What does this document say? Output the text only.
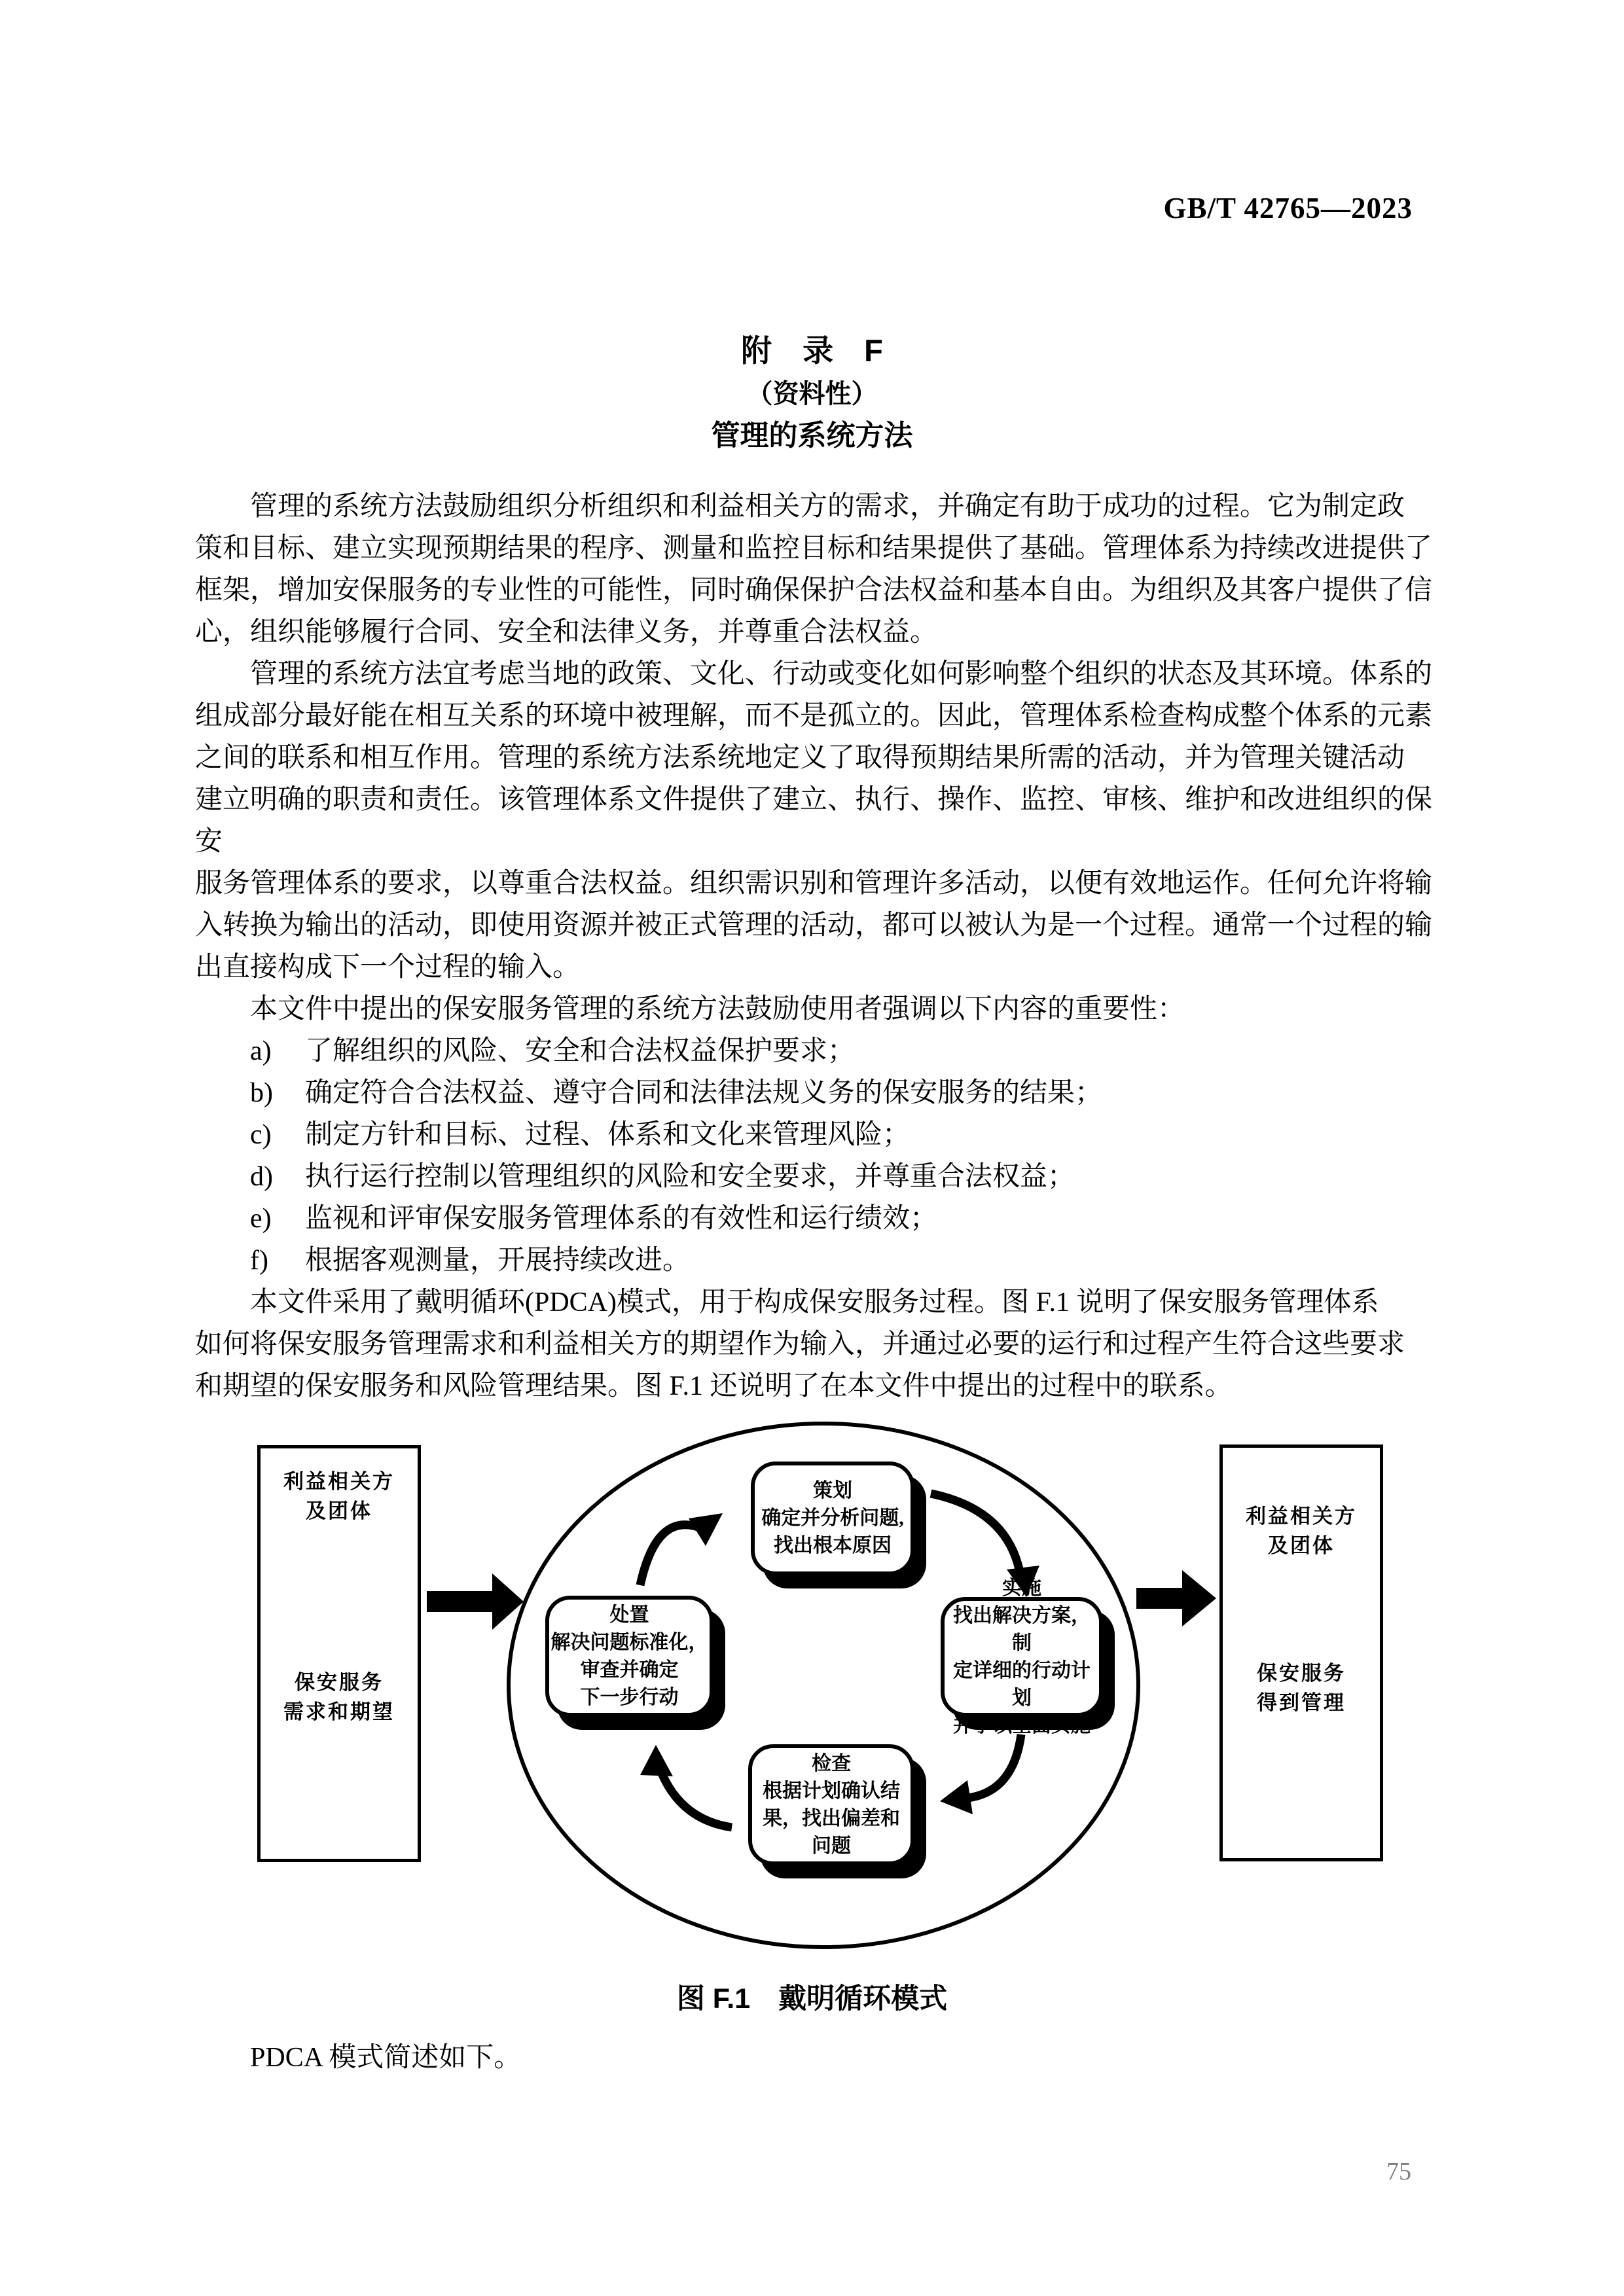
GB/T 42765—2023
附　录　F
（资料性）
管理的系统方法
管理的系统方法鼓励组织分析组织和利益相关方的需求，并确定有助于成功的过程。它为制定政
策和目标、建立实现预期结果的程序、测量和监控目标和结果提供了基础。管理体系为持续改进提供了
框架，增加安保服务的专业性的可能性，同时确保保护合法权益和基本自由。为组织及其客户提供了信
心，组织能够履行合同、安全和法律义务，并尊重合法权益。
管理的系统方法宜考虑当地的政策、文化、行动或变化如何影响整个组织的状态及其环境。体系的
组成部分最好能在相互关系的环境中被理解，而不是孤立的。因此，管理体系检查构成整个体系的元素
之间的联系和相互作用。管理的系统方法系统地定义了取得预期结果所需的活动，并为管理关键活动
建立明确的职责和责任。该管理体系文件提供了建立、执行、操作、监控、审核、维护和改进组织的保安
服务管理体系的要求，以尊重合法权益。组织需识别和管理许多活动，以便有效地运作。任何允许将输
入转换为输出的活动，即使用资源并被正式管理的活动，都可以被认为是一个过程。通常一个过程的输
出直接构成下一个过程的输入。
本文件中提出的保安服务管理的系统方法鼓励使用者强调以下内容的重要性：
a) 了解组织的风险、安全和合法权益保护要求；
b) 确定符合合法权益、遵守合同和法律法规义务的保安服务的结果；
c) 制定方针和目标、过程、体系和文化来管理风险；
d) 执行运行控制以管理组织的风险和安全要求，并尊重合法权益；
e) 监视和评审保安服务管理体系的有效性和运行绩效；
f) 根据客观测量，开展持续改进。
本文件采用了戴明循环(PDCA)模式，用于构成保安服务过程。图 F.1 说明了保安服务管理体系
如何将保安服务管理需求和利益相关方的期望作为输入，并通过必要的运行和过程产生符合这些要求
和期望的保安服务和风险管理结果。图 F.1 还说明了在本文件中提出的过程中的联系。
利益相关方
及团体
保安服务
需求和期望
策划
确定并分析问题,
找出根本原因
实施
找出解决方案，制
定详细的行动计划
并予以全面实施
检查
根据计划确认结
果，找出偏差和
问题
处置
解决问题标准化，
审查并确定
下一步行动
利益相关方
及团体
保安服务
得到管理
图 F.1　戴明循环模式
PDCA 模式简述如下。
75
